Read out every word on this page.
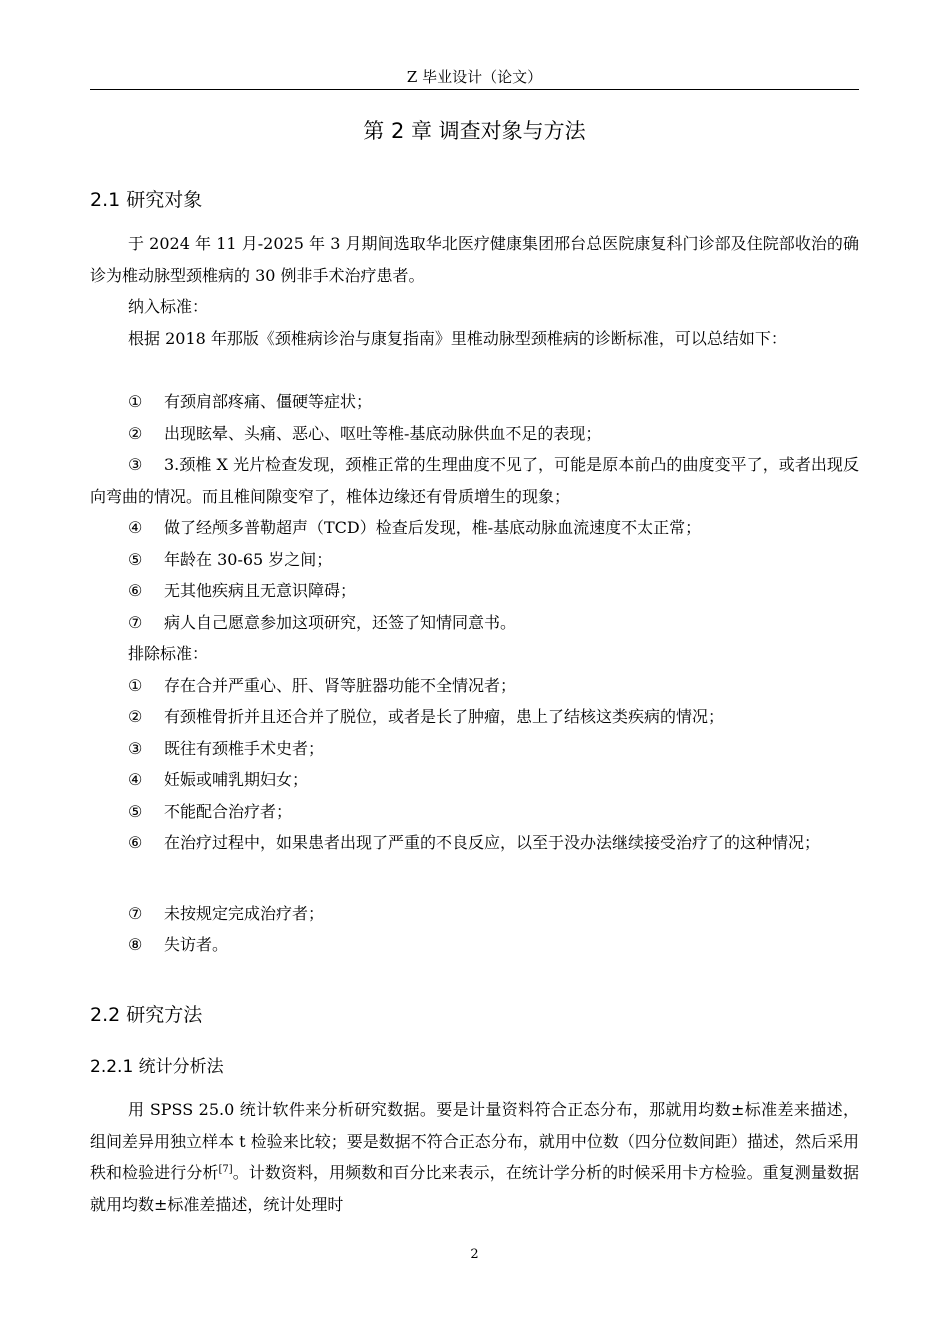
Z 毕业设计（论文）
第 2 章 调查对象与方法
2.1 研究对象
于 2024 年 11 月-2025 年 3 月期间选取华北医疗健康集团邢台总医院康复科门诊部及住院部收治的确诊为椎动脉型颈椎病的 30 例非手术治疗患者。
纳入标准：
根据 2018 年那版《颈椎病诊治与康复指南》里椎动脉型颈椎病的诊断标准，可以总结如下：
① 有颈肩部疼痛、僵硬等症状；
② 出现眩晕、头痛、恶心、呕吐等椎-基底动脉供血不足的表现；
③ 3.颈椎 X 光片检查发现，颈椎正常的生理曲度不见了，可能是原本前凸的曲度变平了，或者出现反向弯曲的情况。而且椎间隙变窄了，椎体边缘还有骨质增生的现象；
④ 做了经颅多普勒超声（TCD）检查后发现，椎-基底动脉血流速度不太正常；
⑤ 年龄在 30-65 岁之间；
⑥ 无其他疾病且无意识障碍；
⑦ 病人自己愿意参加这项研究，还签了知情同意书。
排除标准：
① 存在合并严重心、肝、肾等脏器功能不全情况者；
② 有颈椎骨折并且还合并了脱位，或者是长了肿瘤，患上了结核这类疾病的情况；
③ 既往有颈椎手术史者；
④ 妊娠或哺乳期妇女；
⑤ 不能配合治疗者；
⑥ 在治疗过程中，如果患者出现了严重的不良反应，以至于没办法继续接受治疗了的这种情况；
⑦ 未按规定完成治疗者；
⑧ 失访者。
2.2 研究方法
2.2.1 统计分析法
用 SPSS 25.0 统计软件来分析研究数据。要是计量资料符合正态分布，那就用均数±标准差来描述，组间差异用独立样本 t 检验来比较；要是数据不符合正态分布，就用中位数（四分位数间距）描述，然后采用秩和检验进行分析[7]。计数资料，用频数和百分比来表示，在统计学分析的时候采用卡方检验。重复测量数据就用均数±标准差描述，统计处理时
2
